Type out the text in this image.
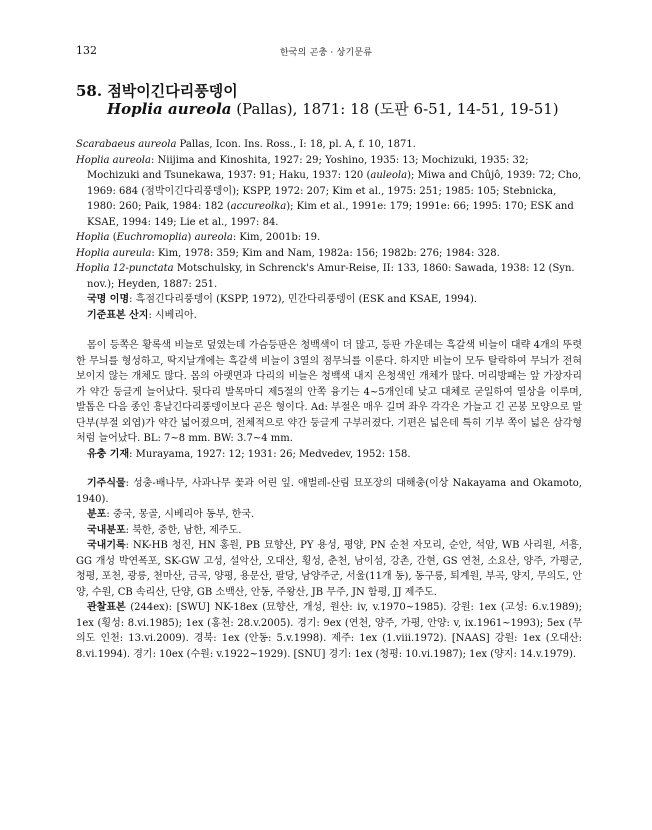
132	한국의 곤충 · 상기문류
58. 점박이긴다리풍뎅이
Hoplia aureola (Pallas), 1871: 18 (도판 6-51, 14-51, 19-51)

Scarabaeus aureola Pallas, Icon. Ins. Ross., I: 18, pl. A, f. 10, 1871.

Hoplia aureola: Niijima and Kinoshita, 1927: 29; Yoshino, 1935: 13; Mochizuki, 1935: 32; Mochizuki and Tsunekawa, 1937: 91; Haku, 1937: 120 (auleola); Miwa and Chûjô, 1939: 72; Cho, 1969: 684 (점박이긴다리풍뎅이); KSPP, 1972: 207; Kim et al., 1975: 251; 1985: 105; Stebnicka, 1980: 260; Paik, 1984: 182 (accureolka); Kim et al., 1991e: 179; 1991e: 66; 1995: 170; ESK and KSAE, 1994: 149; Lie et al., 1997: 84.

Hoplia (Euchromoplia) aureola: Kim, 2001b: 19.

Hoplia aureula: Kim, 1978: 359; Kim and Nam, 1982a: 156; 1982b: 276; 1984: 328.

Hoplia 12-punctata Motschulsky, in Schrenck's Amur-Reise, II: 133, 1860: Sawada, 1938: 12 (Syn. nov.); Heyden, 1887: 251.

국명 이명: 흑점긴다리풍뎅이 (KSPP, 1972), 민간다리풍뎅이 (ESK and KSAE, 1994).

기준표본 산지: 시베리아.

몸이 등쪽은 황록색 비늘로 덮였는데 가슴등판은 청백색이 더 많고, 등판 가운데는 흑갈색 비늘이 대략 4개의 뚜렷한 무늬를 형성하고, 딱지날개에는 흑갈색 비늘이 3열의 점무늬를 이룬다. 하지만 비늘이 모두 탈락하여 무늬가 전혀 보이지 않는 개체도 많다. 몸의 아랫면과 다리의 비늘은 청백색 내지 은청색인 개체가 많다. 머리방패는 앞 가장자리가 약간 둥글게 늘어났다. 뒷다리 발목마디 제5절의 안쪽 융기는 4~5개인데 낮고 대체로 굳일하여 열상을 이루며, 발톱은 다음 종인 흥날긴다리풍뎅이보다 곧은 형이다. Ad: 부절은 매우 길며 좌우 각각은 가늘고 긴 곤봉 모양으로 말단부(부절 외엽)가 약간 넓어졌으며, 전체적으로 약간 둥글게 구부러졌다. 기편은 넓은데 특히 기부 쪽이 넓은 삼각형처럼 늘어났다. BL: 7~8 mm. BW: 3.7~4 mm.

유충 기재: Murayama, 1927: 12; 1931: 26; Medvedev, 1952: 158.

기주식물: 성충-배나무, 사과나무 꽃과 어린 잎. 애벌레-산림 묘포장의 대해충(이상 Nakayama and Okamoto, 1940).

분포: 중국, 몽골, 시베리아 동부, 한국.

국내분포: 북한, 중한, 남한, 제주도.

국내기록: NK-HB 청진, HN 홍원, PB 묘향산, PY 용성, 평양, PN 순천 자모리, 순안, 석암, WB 사리원, 서흥, GG 개성 박연폭포, SK-GW 고성, 설악산, 오대산, 횡성, 춘천, 남이섬, 강촌, 간현, GS 연천, 소요산, 양주, 가평군, 청평, 포천, 광릉, 천마산, 금곡, 양평, 용문산, 팔당, 남양주군, 서울(11개 동), 동구릉, 퇴계원, 부곡, 양지, 무의도, 안양, 수원, CB 속리산, 단양, GB 소백산, 안동, 주왕산, JB 무주, JN 함평, JJ 제주도.

관찰표본 (244ex): [SWU] NK-18ex (묘향산, 개성, 원산: iv, v.1970~1985). 강원: 1ex (고성: 6.v.1989); 1ex (횡성: 8.vi.1985); 1ex (홍천: 28.v.2005). 경기: 9ex (연천, 양주, 가평, 안양: v, ix.1961~1993); 5ex (무의도 인천: 13.vi.2009). 경북: 1ex (안동: 5.v.1998). 제주: 1ex (1.viii.1972). [NAAS] 강원: 1ex (오대산: 8.vi.1994). 경기: 10ex (수원: v.1922~1929). [SNU] 경기: 1ex (청평: 10.vi.1987); 1ex (양지: 14.v.1979).
